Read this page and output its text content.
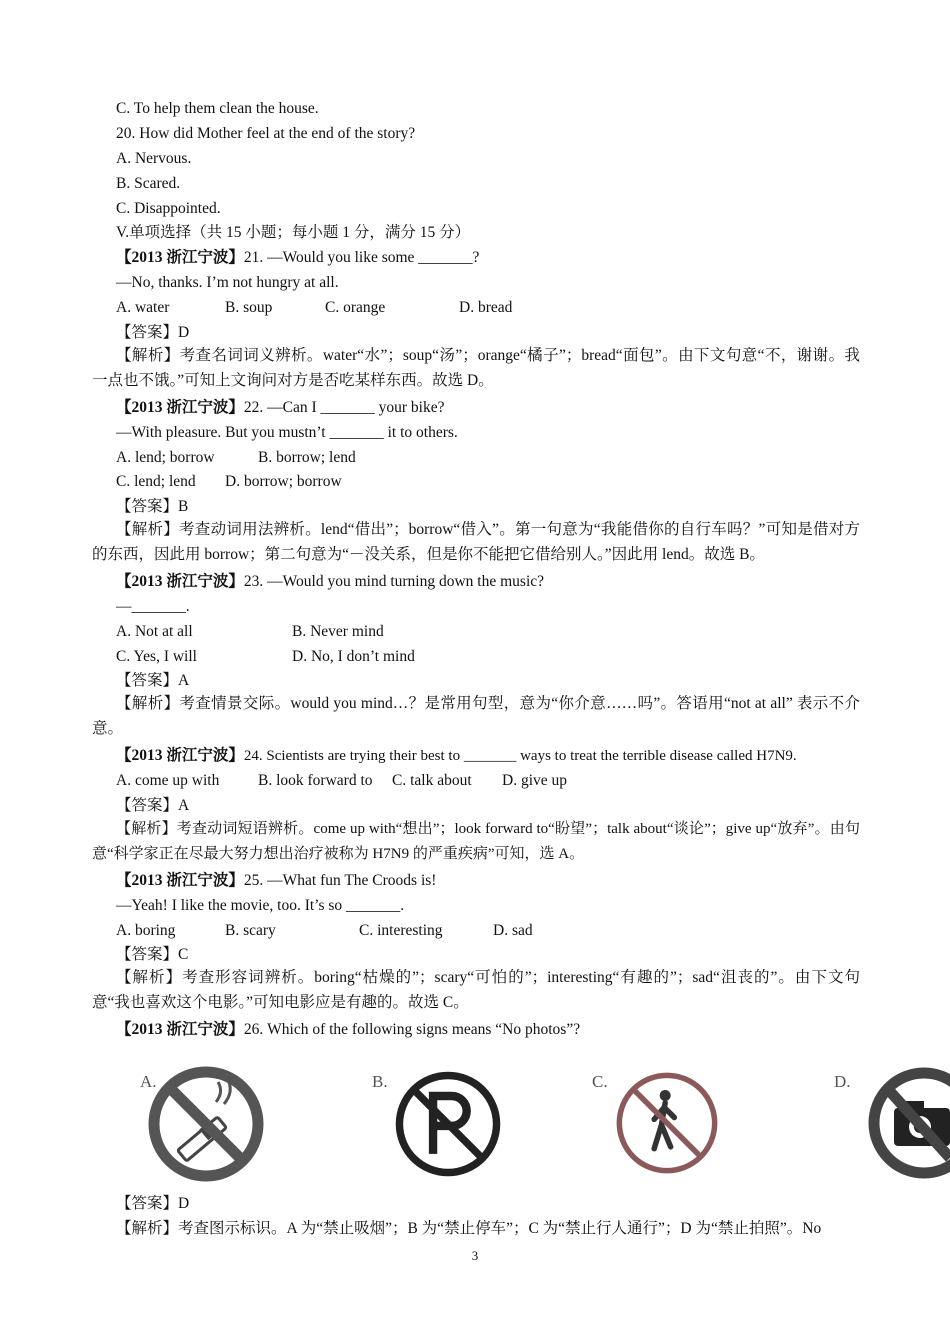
C. To help them clean the house.
20. How did Mother feel at the end of the story?
A. Nervous.
B. Scared.
C. Disappointed.
V.单项选择（共 15 小题；每小题 1 分，满分 15 分）
【2013 浙江宁波】21. —Would you like some _______?
—No, thanks. I’m not hungry at all.
A. water	B. soup	C. orange	D. bread
【答案】D
【解析】考查名词词义辨析。water“水”；soup“汤”；orange“橘子”；bread“面包”。由下文句意“不，谢谢。我一点也不饿。”可知上文询问对方是否吃某样东西。故选 D。
【2013 浙江宁波】22. —Can I _______ your bike?
—With pleasure. But you mustn’t _______ it to others.
A. lend; borrow	B. borrow; lend
C. lend; lend D. borrow; borrow
【答案】B
【解析】考查动词用法辨析。lend“借出”；borrow“借入”。第一句意为“我能借你的自行车吗？”可知是借对方的东西，因此用 borrow；第二句意为“－没关系，但是你不能把它借给别人。”因此用 lend。故选 B。
【2013 浙江宁波】23. —Would you mind turning down the music?
—_______.
A. Not at all	B. Never mind
C. Yes, I will	D. No, I don’t mind
【答案】A
【解析】考查情景交际。would you mind…？是常用句型，意为“你介意……吗”。答语用“not at all” 表示不介意。
【2013 浙江宁波】24. Scientists are trying their best to _______ ways to treat the terrible disease called H7N9.
A. come up with B. look forward to C. talk about D. give up
【答案】A
【解析】考查动词短语辨析。come up with“想出”；look forward to“盼望”；talk about“谈论”；give up“放弃”。由句意“科学家正在尽最大努力想出治疗被称为 H7N9 的严重疾病”可知，选 A。
【2013 浙江宁波】25. —What fun The Croods is!
—Yeah! I like the movie, too. It’s so _______.
A. boring	B. scary	C. interesting	D. sad
【答案】C
【解析】考查形容词辨析。boring“枯燥的”；scary“可怕的”；interesting“有趣的”；sad“沮丧的”。由下文句意“我也喜欢这个电影。”可知电影应是有趣的。故选 C。
【2013 浙江宁波】26. Which of the following signs means “No photos”?
A.	B.	C.	D.
【答案】D
【解析】考查图示标识。A 为“禁止吸烟”；B 为“禁止停车”；C 为“禁止行人通行”；D 为“禁止拍照”。No
3
